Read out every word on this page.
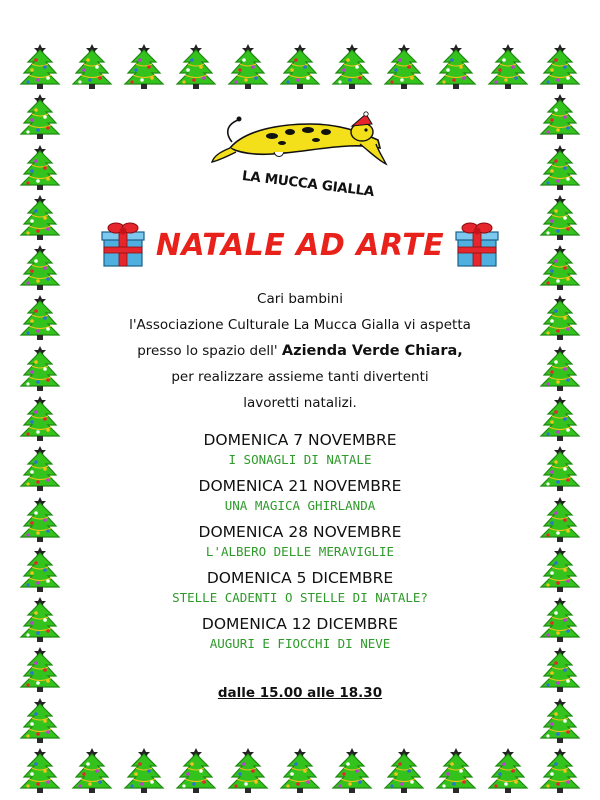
LA MUCCA GIALLA
NATALE AD ARTE
Cari bambini
l'Associazione Culturale La Mucca Gialla vi aspetta
presso lo spazio dell' Azienda Verde Chiara,
per realizzare assieme tanti divertenti
lavoretti natalizi.
DOMENICA 7 NOVEMBRE
I SONAGLI DI NATALE
DOMENICA 21 NOVEMBRE
UNA MAGICA GHIRLANDA
DOMENICA 28 NOVEMBRE
L'ALBERO DELLE MERAVIGLIE
DOMENICA 5 DICEMBRE
STELLE CADENTI O STELLE DI NATALE?
DOMENICA 12 DICEMBRE
AUGURI E FIOCCHI DI NEVE
dalle 15.00 alle 18.30
